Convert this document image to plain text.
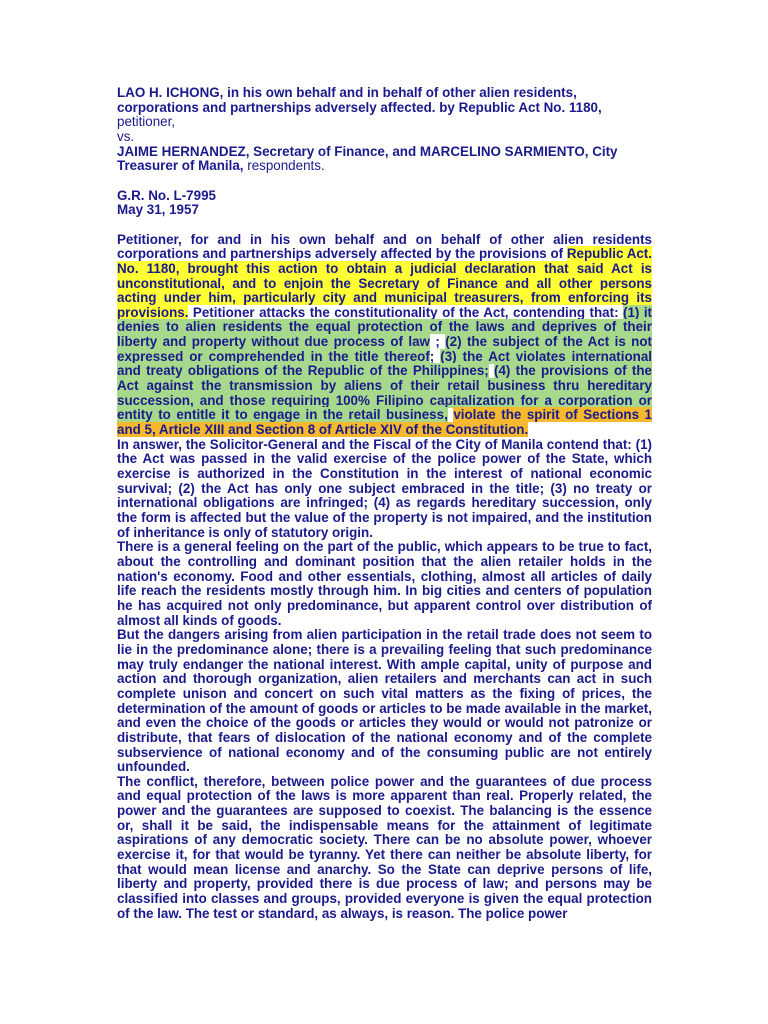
LAO H. ICHONG, in his own behalf and in behalf of other alien residents, corporations and partnerships adversely affected. by Republic Act No. 1180,

petitioner,

vs.

JAIME HERNANDEZ, Secretary of Finance, and MARCELINO SARMIENTO, City Treasurer of Manila, respondents.

G.R. No. L-7995

May 31, 1957

Petitioner, for and in his own behalf and on behalf of other alien residents corporations and partnerships adversely affected by the provisions of Republic Act. No. 1180, brought this action to obtain a judicial declaration that said Act is unconstitutional, and to enjoin the Secretary of Finance and all other persons acting under him, particularly city and municipal treasurers, from enforcing its provisions. Petitioner attacks the constitutionality of the Act, contending that: (1) it denies to alien residents the equal protection of the laws and deprives of their liberty and property without due process of law ; (2) the subject of the Act is not expressed or comprehended in the title thereof; (3) the Act violates international and treaty obligations of the Republic of the Philippines; (4) the provisions of the Act against the transmission by aliens of their retail business thru hereditary succession, and those requiring 100% Filipino capitalization for a corporation or entity to entitle it to engage in the retail business, violate the spirit of Sections 1 and 5, Article XIII and Section 8 of Article XIV of the Constitution.

In answer, the Solicitor-General and the Fiscal of the City of Manila contend that: (1) the Act was passed in the valid exercise of the police power of the State, which exercise is authorized in the Constitution in the interest of national economic survival; (2) the Act has only one subject embraced in the title; (3) no treaty or international obligations are infringed; (4) as regards hereditary succession, only the form is affected but the value of the property is not impaired, and the institution of inheritance is only of statutory origin.

There is a general feeling on the part of the public, which appears to be true to fact, about the controlling and dominant position that the alien retailer holds in the nation's economy. Food and other essentials, clothing, almost all articles of daily life reach the residents mostly through him. In big cities and centers of population he has acquired not only predominance, but apparent control over distribution of almost all kinds of goods.

But the dangers arising from alien participation in the retail trade does not seem to lie in the predominance alone; there is a prevailing feeling that such predominance may truly endanger the national interest. With ample capital, unity of purpose and action and thorough organization, alien retailers and merchants can act in such complete unison and concert on such vital matters as the fixing of prices, the determination of the amount of goods or articles to be made available in the market, and even the choice of the goods or articles they would or would not patronize or distribute, that fears of dislocation of the national economy and of the complete subservience of national economy and of the consuming public are not entirely unfounded.

The conflict, therefore, between police power and the guarantees of due process and equal protection of the laws is more apparent than real. Properly related, the power and the guarantees are supposed to coexist. The balancing is the essence or, shall it be said, the indispensable means for the attainment of legitimate aspirations of any democratic society. There can be no absolute power, whoever exercise it, for that would be tyranny. Yet there can neither be absolute liberty, for that would mean license and anarchy. So the State can deprive persons of life, liberty and property, provided there is due process of law; and persons may be classified into classes and groups, provided everyone is given the equal protection of the law. The test or standard, as always, is reason. The police power
